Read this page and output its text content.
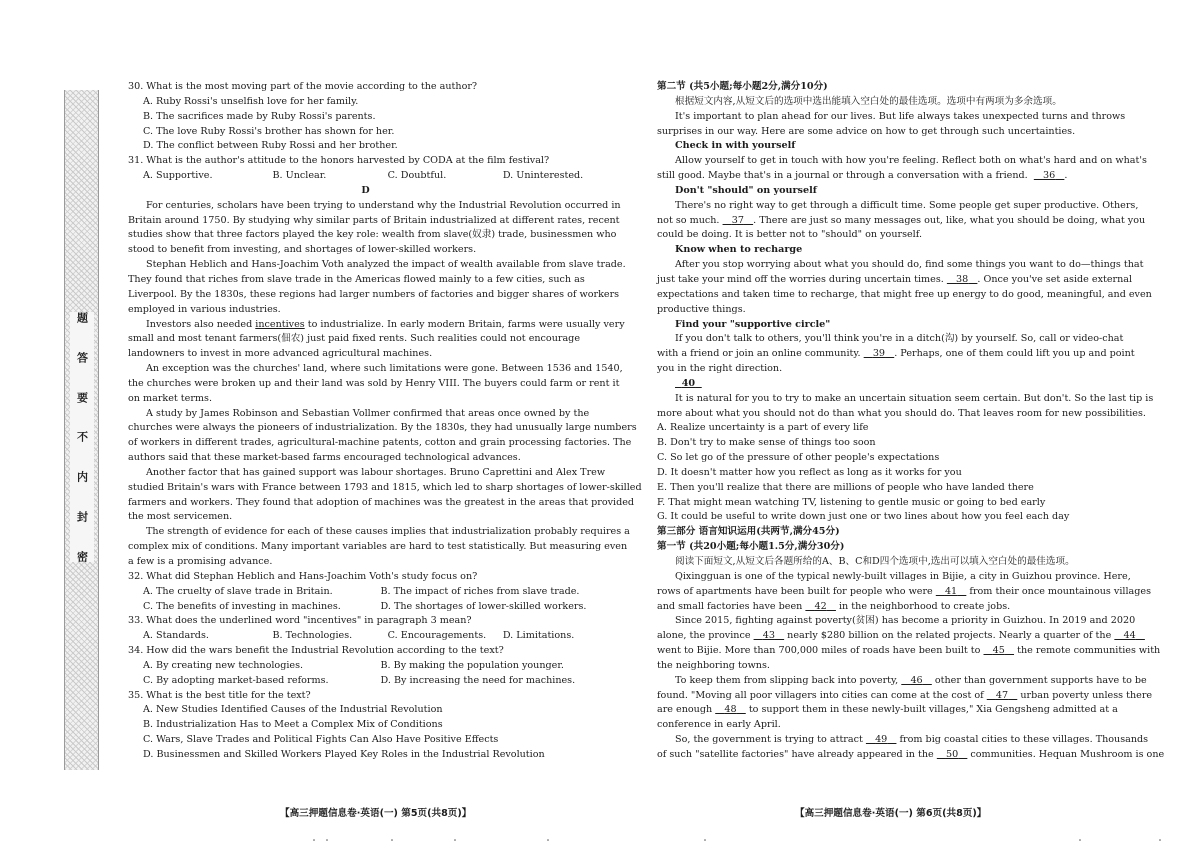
题
答
要
不
内
封
密
30. What is the most moving part of the movie according to the author?
A. Ruby Rossi's unselfish love for her family.
B. The sacrifices made by Ruby Rossi's parents.
C. The love Ruby Rossi's brother has shown for her.
D. The conflict between Ruby Rossi and her brother.
31. What is the author's attitude to the honors harvested by CODA at the film festival?
A. Supportive.	B. Unclear.	C. Doubtful.	D. Uninterested.
D
For centuries, scholars have been trying to understand why the Industrial Revolution occurred in
Britain around 1750. By studying why similar parts of Britain industrialized at different rates, recent
studies show that three factors played the key role: wealth from slave(奴隶) trade, businessmen who
stood to benefit from investing, and shortages of lower-skilled workers.
Stephan Heblich and Hans-Joachim Voth analyzed the impact of wealth available from slave trade.
They found that riches from slave trade in the Americas flowed mainly to a few cities, such as
Liverpool. By the 1830s, these regions had larger numbers of factories and bigger shares of workers
employed in various industries.
Investors also needed incentives to industrialize. In early modern Britain, farms were usually very
small and most tenant farmers(佃农) just paid fixed rents. Such realities could not encourage
landowners to invest in more advanced agricultural machines.
An exception was the churches' land, where such limitations were gone. Between 1536 and 1540,
the churches were broken up and their land was sold by Henry VIII. The buyers could farm or rent it
on market terms.
A study by James Robinson and Sebastian Vollmer confirmed that areas once owned by the
churches were always the pioneers of industrialization. By the 1830s, they had unusually large numbers
of workers in different trades, agricultural-machine patents, cotton and grain processing factories. The
authors said that these market-based farms encouraged technological advances.
Another factor that has gained support was labour shortages. Bruno Caprettini and Alex Trew
studied Britain's wars with France between 1793 and 1815, which led to sharp shortages of lower-skilled
farmers and workers. They found that adoption of machines was the greatest in the areas that provided
the most servicemen.
The strength of evidence for each of these causes implies that industrialization probably requires a
complex mix of conditions. Many important variables are hard to test statistically. But measuring even
a few is a promising advance.
32. What did Stephan Heblich and Hans-Joachim Voth's study focus on?
A. The cruelty of slave trade in Britain.	B. The impact of riches from slave trade.
C. The benefits of investing in machines.	D. The shortages of lower-skilled workers.
33. What does the underlined word "incentives" in paragraph 3 mean?
A. Standards.	B. Technologies.	C. Encouragements.	D. Limitations.
34. How did the wars benefit the Industrial Revolution according to the text?
A. By creating new technologies.	B. By making the population younger.
C. By adopting market-based reforms.	D. By increasing the need for machines.
35. What is the best title for the text?
A. New Studies Identified Causes of the Industrial Revolution
B. Industrialization Has to Meet a Complex Mix of Conditions
C. Wars, Slave Trades and Political Fights Can Also Have Positive Effects
D. Businessmen and Skilled Workers Played Key Roles in the Industrial Revolution
【高三押题信息卷·英语(一) 第5页(共8页)】
第二节 (共5小题;每小题2分,满分10分)
根据短文内容,从短文后的选项中选出能填入空白处的最佳选项。选项中有两项为多余选项。
It's important to plan ahead for our lives. But life always takes unexpected turns and throws
surprises in our way. Here are some advice on how to get through such uncertainties.
Check in with yourself
Allow yourself to get in touch with how you're feeling. Reflect both on what's hard and on what's
still good. Maybe that's in a journal or through a conversation with a friend. 36 .
Don't "should" on yourself
There's no right way to get through a difficult time. Some people get super productive. Others,
not so much. 37 . There are just so many messages out, like, what you should be doing, what you
could be doing. It is better not to "should" on yourself.
Know when to recharge
After you stop worrying about what you should do, find some things you want to do—things that
just take your mind off the worries during uncertain times. 38 . Once you've set aside external
expectations and taken time to recharge, that might free up energy to do good, meaningful, and even
productive things.
Find your "supportive circle"
If you don't talk to others, you'll think you're in a ditch(沟) by yourself. So, call or video-chat
with a friend or join an online community. 39 . Perhaps, one of them could lift you up and point
you in the right direction.
40
It is natural for you to try to make an uncertain situation seem certain. But don't. So the last tip is
more about what you should not do than what you should do. That leaves room for new possibilities.
A. Realize uncertainty is a part of every life
B. Don't try to make sense of things too soon
C. So let go of the pressure of other people's expectations
D. It doesn't matter how you reflect as long as it works for you
E. Then you'll realize that there are millions of people who have landed there
F. That might mean watching TV, listening to gentle music or going to bed early
G. It could be useful to write down just one or two lines about how you feel each day
第三部分 语言知识运用(共两节,满分45分)
第一节 (共20小题;每小题1.5分,满分30分)
阅读下面短文,从短文后各题所给的A、B、C和D四个选项中,选出可以填入空白处的最佳选项。
Qixingguan is one of the typical newly-built villages in Bijie, a city in Guizhou province. Here,
rows of apartments have been built for people who were 41 from their once mountainous villages
and small factories have been 42 in the neighborhood to create jobs.
Since 2015, fighting against poverty(贫困) has become a priority in Guizhou. In 2019 and 2020
alone, the province 43 nearly $280 billion on the related projects. Nearly a quarter of the 44
went to Bijie. More than 700,000 miles of roads have been built to 45 the remote communities with
the neighboring towns.
To keep them from slipping back into poverty, 46 other than government supports have to be
found. "Moving all poor villagers into cities can come at the cost of 47 urban poverty unless there
are enough 48 to support them in these newly-built villages," Xia Gengsheng admitted at a
conference in early April.
So, the government is trying to attract 49 from big coastal cities to these villages. Thousands
of such "satellite factories" have already appeared in the 50 communities. Hequan Mushroom is one
【高三押题信息卷·英语(一) 第6页(共8页)】
